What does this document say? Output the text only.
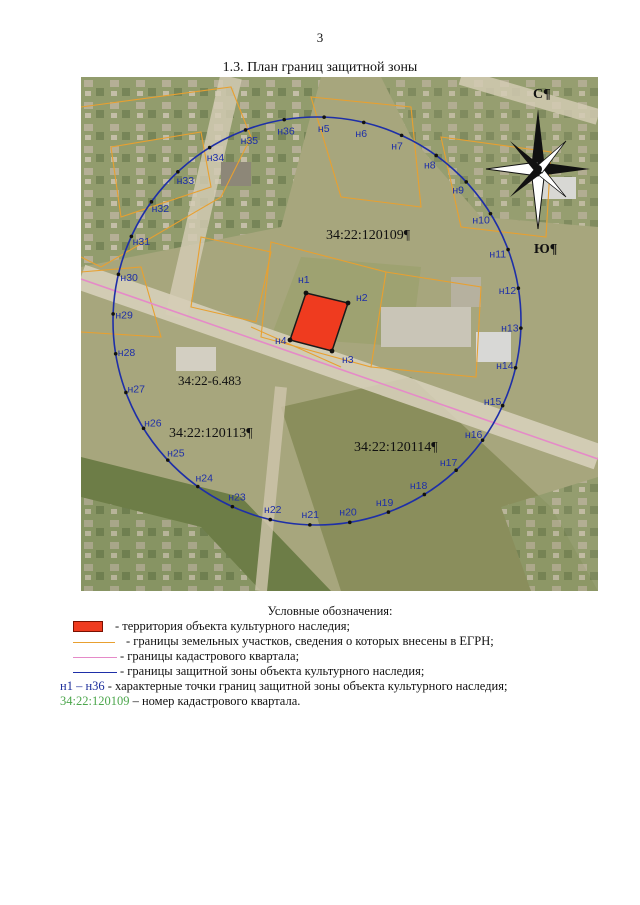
3
1.3. План границ защитной зоны
н5 н6
н7
н8
н9
н10
н11
н12
н13
н14
н15
н16
н17
н18
н19
н20
н21
н22
н23
н24
н25
н26
н27
н28
н29
н30
н31
н32
н33
н34
н35
н36
н1
н2
н3
н4
34:22:120109¶
34:22-6.483
34:22:120113¶
34:22:120114¶
С¶
Ю¶
Условные обозначения:
- территория объекта культурного наследия;
- границы земельных участков, сведения о которых внесены в ЕГРН;
- границы кадастрового квартала;
- границы защитной зоны объекта культурного наследия;
н1 – н36 - характерные точки границ защитной зоны объекта культурного наследия;
34:22:120109 – номер кадастрового квартала.
